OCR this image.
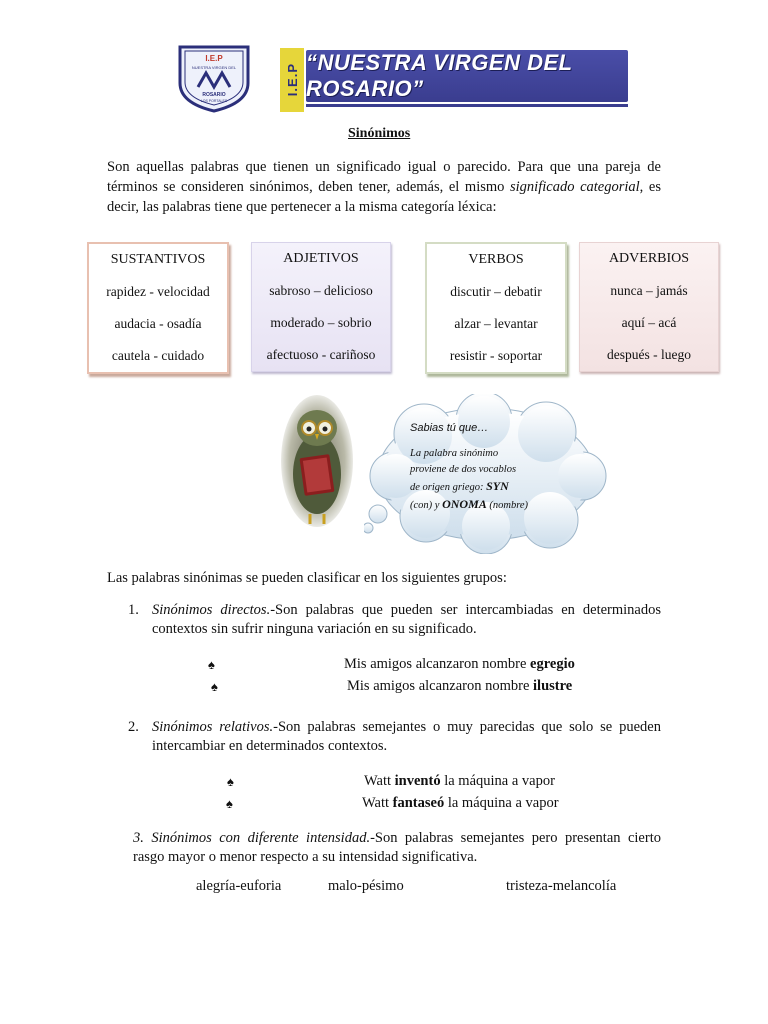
I.E.P
NUESTRA VIRGEN DEL
ROSARIO
LOS PORTALES
I.E.P
“NUESTRA VIRGEN DEL ROSARIO”
Sinónimos
Son aquellas palabras que tienen un significado igual o parecido. Para que una pareja de términos se consideren sinónimos, deben tener, además, el mismo significado categorial, es decir, las palabras tiene que pertenecer a la misma categoría léxica:
SUSTANTIVOS
rapidez - velocidad
audacia - osadía
cautela - cuidado
ADJETIVOS
sabroso – delicioso
moderado – sobrio
afectuoso - cariñoso
VERBOS
discutir – debatir
alzar – levantar
resistir - soportar
ADVERBIOS
nunca – jamás
aquí – acá
después - luego
Sabias tú que…
La palabra sinónimo
proviene de dos vocablos
de origen griego: SYN
(con) y ONOMA (nombre)
Las palabras sinónimas se pueden clasificar en los siguientes grupos:
1. Sinónimos directos.-Son palabras que pueden ser intercambiadas en determinados contextos sin sufrir ninguna variación en su significado.
♠	Mis amigos alcanzaron nombre egregio
♠	Mis amigos alcanzaron nombre ilustre
2. Sinónimos relativos.-Son palabras semejantes o muy parecidas que solo se pueden intercambiar en determinados contextos.
♠	Watt inventó la máquina a vapor
♠	Watt fantaseó la máquina a vapor
3. Sinónimos con diferente intensidad.-Son palabras semejantes pero presentan cierto rasgo mayor o menor respecto a su intensidad significativa.
alegría-euforia	malo-pésimo	tristeza-melancolía
